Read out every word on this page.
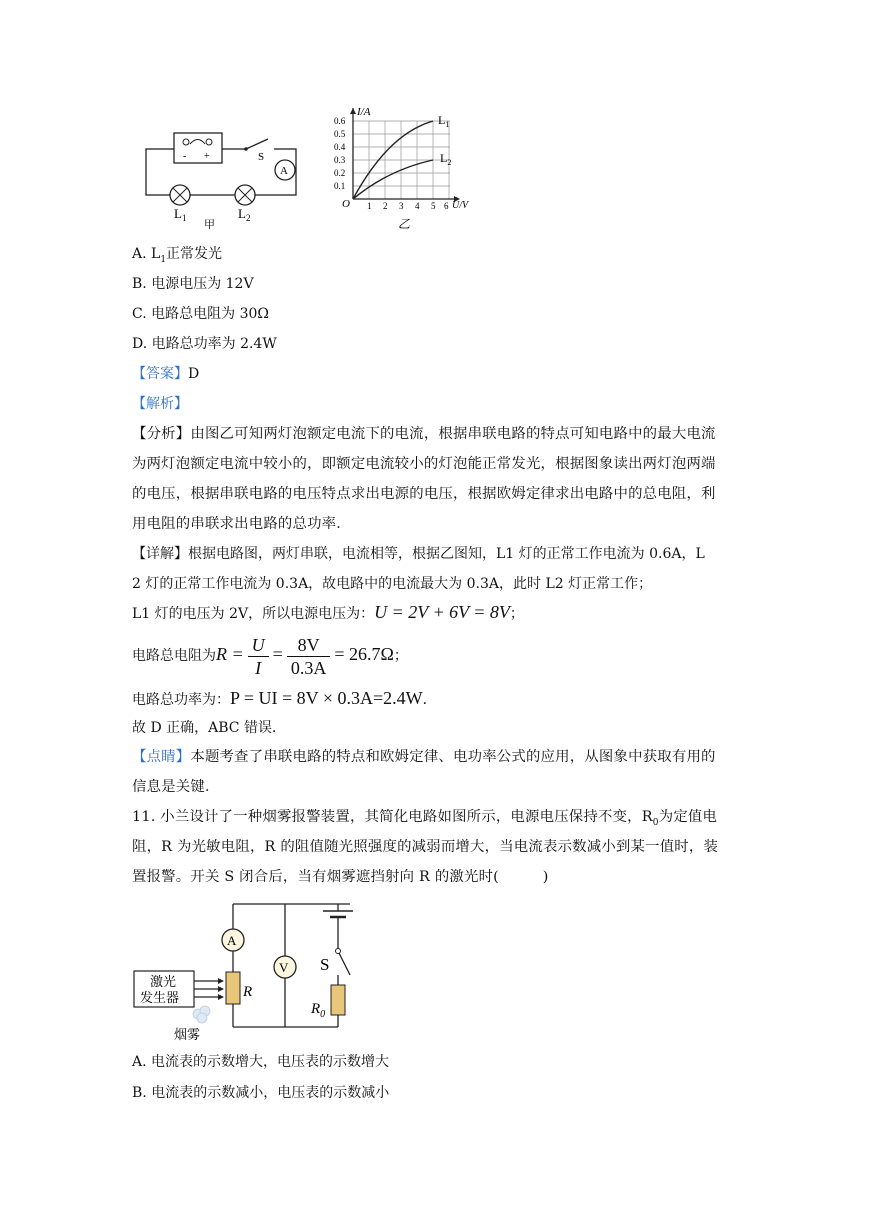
- +	S
A
$L_1$	$L_2$
甲
I/A
U/V
O
0.6
0.5
0.4
0.3
0.2
0.1
1 2 3 4 5 6
$L_1$
$L_2$
乙
A. $L_1$正常发光
B. 电源电压为 12V
C. 电路总电阻为 30Ω
D. 电路总功率为 2.4W
【答案】D
【解析】
【分析】由图乙可知两灯泡额定电流下的电流，根据串联电路的特点可知电路中的最大电流
为两灯泡额定电流中较小的，即额定电流较小的灯泡能正常发光，根据图象读出两灯泡两端
的电压，根据串联电路的电压特点求出电源的电压，根据欧姆定律求出电路中的总电阻，利
用电阻的串联求出电路的总功率．
【详解】根据电路图，两灯串联，电流相等，根据乙图知，L1 灯的正常工作电流为 0.6A，L
2 灯的正常工作电流为 0.3A，故电路中的电流最大为 0.3A，此时 L2 灯正常工作；
L1 灯的电压为 2V，所以电源电压为：U = 2V + 6V = 8V；
电路总电阻为$R = \frac{U}{I} = \frac{8V}{0.3A} = 26.7\Omega$；
电路总功率为：P = UI = 8V × 0.3A=2.4W．
故 D 正确，ABC 错误．
【点睛】本题考查了串联电路的特点和欧姆定律、电功率公式的应用，从图象中获取有用的
信息是关键．
11. 小兰设计了一种烟雾报警装置，其简化电路如图所示，电源电压保持不变，$R_0$为定值电
阻，R 为光敏电阻，R 的阻值随光照强度的减弱而增大，当电流表示数减小到某一值时，装
置报警。开关 S 闭合后，当有烟雾遮挡射向 R 的激光时(　　　)
S
$R_0$
A
V
R
激光
发生器
烟雾
A. 电流表的示数增大，电压表的示数增大
B. 电流表的示数减小，电压表的示数减小
